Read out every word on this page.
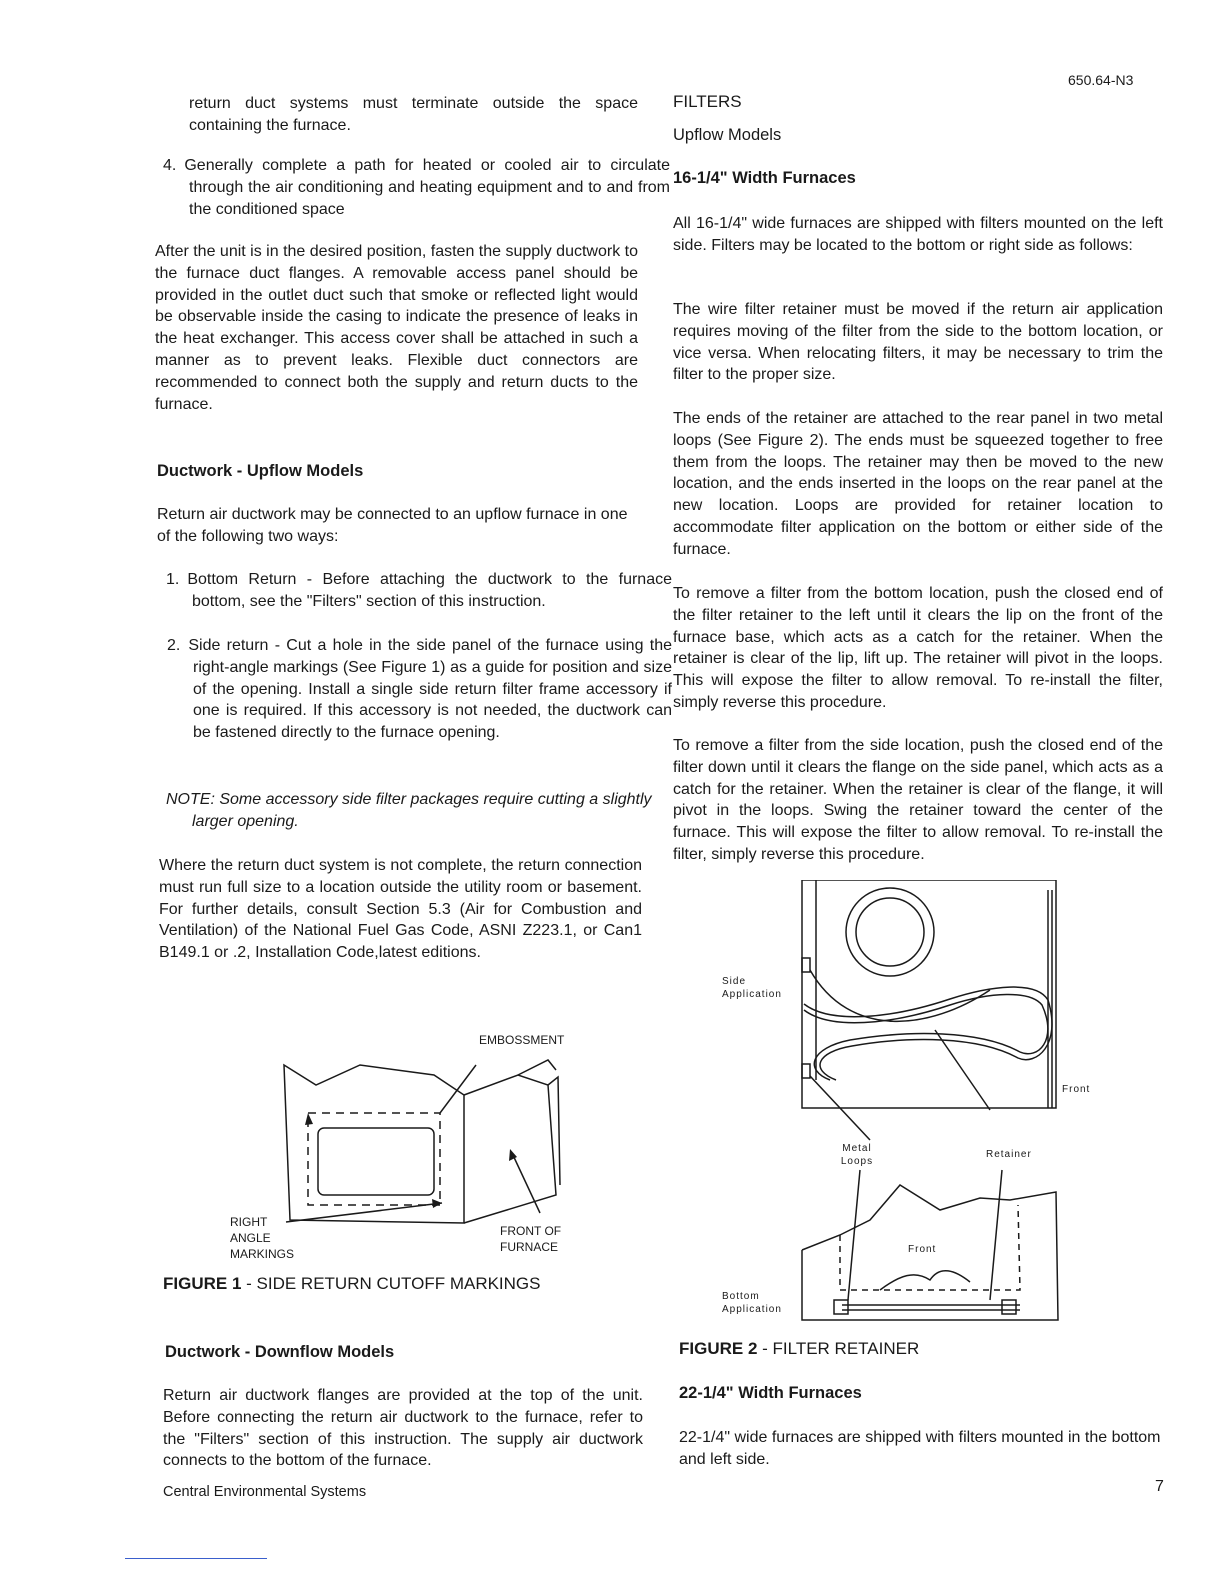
650.64-N3
Central Environmental Systems	7

return duct systems must terminate outside the space containing the furnace.

4. Generally complete a path for heated or cooled air to circulate through the air conditioning and heating equipment and to and from the conditioned space

After the unit is in the desired position, fasten the supply ductwork to the furnace duct flanges. A removable access panel should be provided in the outlet duct such that smoke or reflected light would be observable inside the casing to indicate the presence of leaks in the heat exchanger. This access cover shall be attached in such a manner as to prevent leaks. Flexible duct connectors are recommended to connect both the supply and return ducts to the furnace.

Ductwork - Upflow Models

Return air ductwork may be connected to an upflow furnace in one of the following two ways:

1. Bottom Return - Before attaching the ductwork to the furnace bottom, see the "Filters" section of this instruction.

2. Side return - Cut a hole in the side panel of the furnace using the right-angle markings (See Figure 1) as a guide for position and size of the opening. Install a single side return filter frame accessory if one is required. If this accessory is not needed, the ductwork can be fastened directly to the furnace opening.

NOTE: Some accessory side filter packages require cutting a slightly larger opening.

Where the return duct system is not complete, the return connection must run full size to a location outside the utility room or basement. For further details, consult Section 5.3 (Air for Combustion and Ventilation) of the National Fuel Gas Code, ASNI Z223.1, or Can1 B149.1 or .2, Installation Code,latest editions.

EMBOSSMENT
RIGHT ANGLE MARKINGS
FRONT OF FURNACE
FIGURE 1 - SIDE RETURN CUTOFF MARKINGS

Ductwork - Downflow Models

Return air ductwork flanges are provided at the top of the unit. Before connecting the return air ductwork to the furnace, refer to the "Filters" section of this instruction. The supply air ductwork connects to the bottom of the furnace.

FILTERS

Upflow Models

16-1/4" Width Furnaces

All 16-1/4" wide furnaces are shipped with filters mounted on the left side. Filters may be located to the bottom or right side as follows:

The wire filter retainer must be moved if the return air application requires moving of the filter from the side to the bottom location, or vice versa. When relocating filters, it may be necessary to trim the filter to the proper size.

The ends of the retainer are attached to the rear panel in two metal loops (See Figure 2). The ends must be squeezed together to free them from the loops. The retainer may then be moved to the new location, and the ends inserted in the loops on the rear panel at the new location. Loops are provided for retainer location to accommodate filter application on the bottom or either side of the furnace.

To remove a filter from the bottom location, push the closed end of the filter retainer to the left until it clears the lip on the front of the furnace base, which acts as a catch for the retainer. When the retainer is clear of the lip, lift up. The retainer will pivot in the loops. This will expose the filter to allow removal. To re-install the filter, simply reverse this procedure.

To remove a filter from the side location, push the closed end of the filter down until it clears the flange on the side panel, which acts as a catch for the retainer. When the retainer is clear of the flange, it will pivot in the loops. Swing the retainer toward the center of the furnace. This will expose the filter to allow removal. To re-install the filter, simply reverse this procedure.

Side Application
Front
Metal Loops
Retainer
Front
Bottom Application
FIGURE 2 - FILTER RETAINER

22-1/4" Width Furnaces

22-1/4" wide furnaces are shipped with filters mounted in the bottom and left side.
